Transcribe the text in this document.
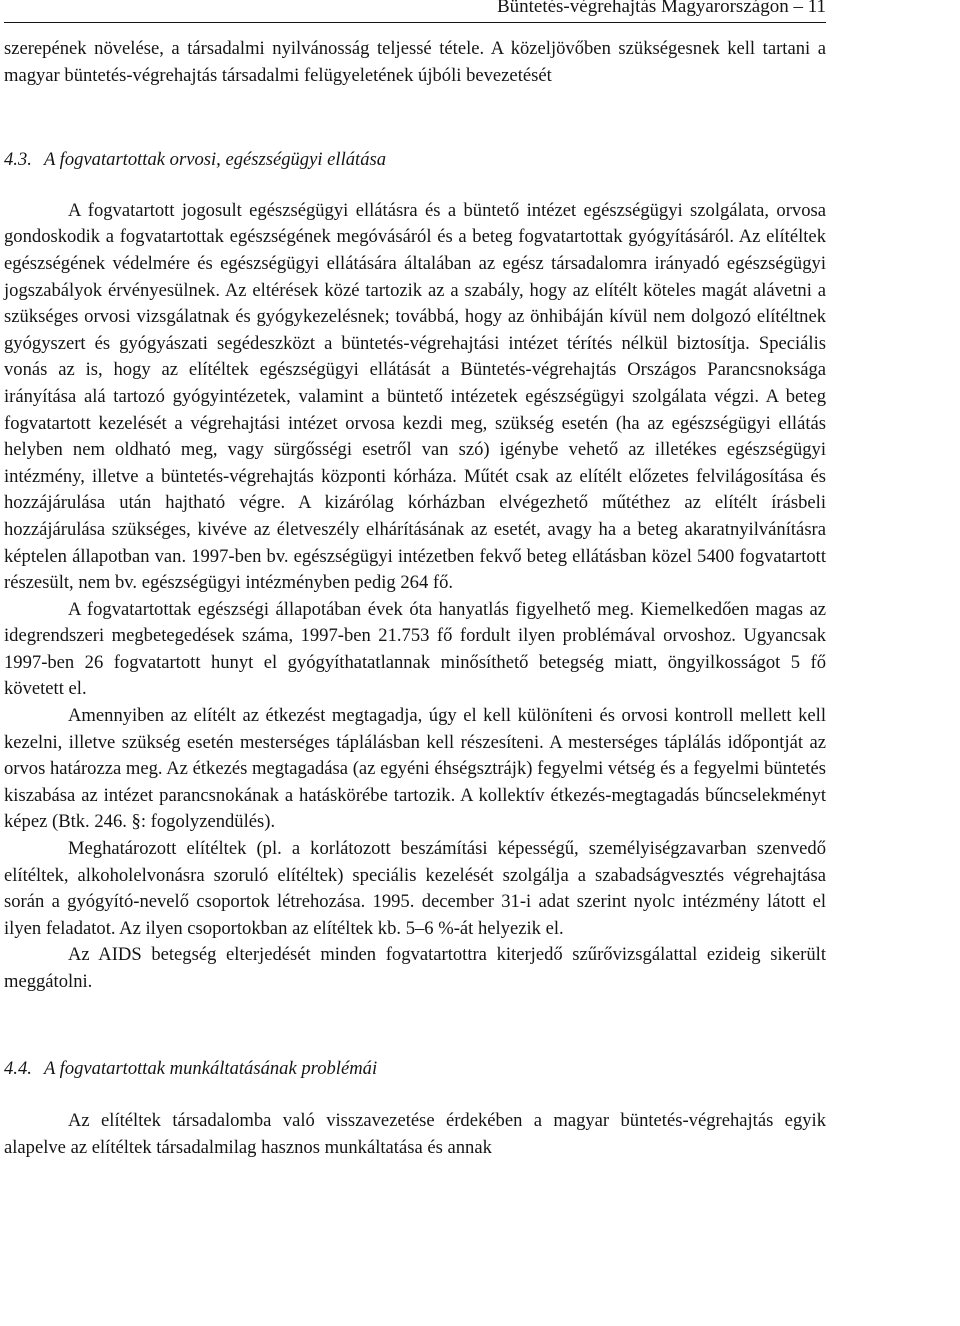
Büntetés-végrehajtás Magyarországon – 11

szerepének növelése, a társadalmi nyilvánosság teljessé tétele. A közeljövőben szükségesnek kell tartani a magyar büntetés-végrehajtás társadalmi felügyeletének újbóli bevezetését

4.3. A fogvatartottak orvosi, egészségügyi ellátása

A fogvatartott jogosult egészségügyi ellátásra és a büntető intézet egészségügyi szolgálata, orvosa gondoskodik a fogvatartottak egészségének megóvásáról és a beteg fogvatartottak gyógyításáról. Az elítéltek egészségének védelmére és egészségügyi ellátására általában az egész társadalomra irányadó egészségügyi jogszabályok érvényesülnek. Az eltérések közé tartozik az a szabály, hogy az elítélt köteles magát alávetni a szükséges orvosi vizsgálatnak és gyógykezelésnek; továbbá, hogy az önhibáján kívül nem dolgozó elítéltnek gyógyszert és gyógyászati segédeszközt a büntetés-végrehajtási intézet térítés nélkül biztosítja. Speciális vonás az is, hogy az elítéltek egészségügyi ellátását a Büntetés-végrehajtás Országos Parancsnoksága irányítása alá tartozó gyógyintézetek, valamint a büntető intézetek egészségügyi szolgálata végzi. A beteg fogvatartott kezelését a végrehajtási intézet orvosa kezdi meg, szükség esetén (ha az egészségügyi ellátás helyben nem oldható meg, vagy sürgősségi esetről van szó) igénybe vehető az illetékes egészségügyi intézmény, illetve a büntetés-végrehajtás központi kórháza. Műtét csak az elítélt előzetes felvilágosítása és hozzájárulása után hajtható végre. A kizárólag kórházban elvégezhető műtéthez az elítélt írásbeli hozzájárulása szükséges, kivéve az életveszély elhárításának az esetét, avagy ha a beteg akaratnyilvánításra képtelen állapotban van. 1997-ben bv. egészségügyi intézetben fekvő beteg ellátásban közel 5400 fogvatartott részesült, nem bv. egészségügyi intézményben pedig 264 fő.

A fogvatartottak egészségi állapotában évek óta hanyatlás figyelhető meg. Kiemelkedően magas az idegrendszeri megbetegedések száma, 1997-ben 21.753 fő fordult ilyen problémával orvoshoz. Ugyancsak 1997-ben 26 fogvatartott hunyt el gyógyíthatatlannak minősíthető betegség miatt, öngyilkosságot 5 fő követett el.

Amennyiben az elítélt az étkezést megtagadja, úgy el kell különíteni és orvosi kontroll mellett kell kezelni, illetve szükség esetén mesterséges táplálásban kell részesíteni. A mesterséges táplálás időpontját az orvos határozza meg. Az étkezés megtagadása (az egyéni éhségsztrájk) fegyelmi vétség és a fegyelmi büntetés kiszabása az intézet parancsnokának a hatáskörébe tartozik. A kollektív étkezés-megtagadás bűncselekményt képez (Btk. 246. §: fogolyzendülés).

Meghatározott elítéltek (pl. a korlátozott beszámítási képességű, személyiségzavarban szenvedő elítéltek, alkoholelvonásra szoruló elítéltek) speciális kezelését szolgálja a szabadságvesztés végrehajtása során a gyógyító-nevelő csoportok létrehozása. 1995. december 31-i adat szerint nyolc intézmény látott el ilyen feladatot. Az ilyen csoportokban az elítéltek kb. 5–6 %-át helyezik el.

Az AIDS betegség elterjedését minden fogvatartottra kiterjedő szűrővizsgálattal ezideig sikerült meggátolni.

4.4. A fogvatartottak munkáltatásának problémái

Az elítéltek társadalomba való visszavezetése érdekében a magyar büntetés-végrehajtás egyik alapelve az elítéltek társadalmilag hasznos munkáltatása és annak
